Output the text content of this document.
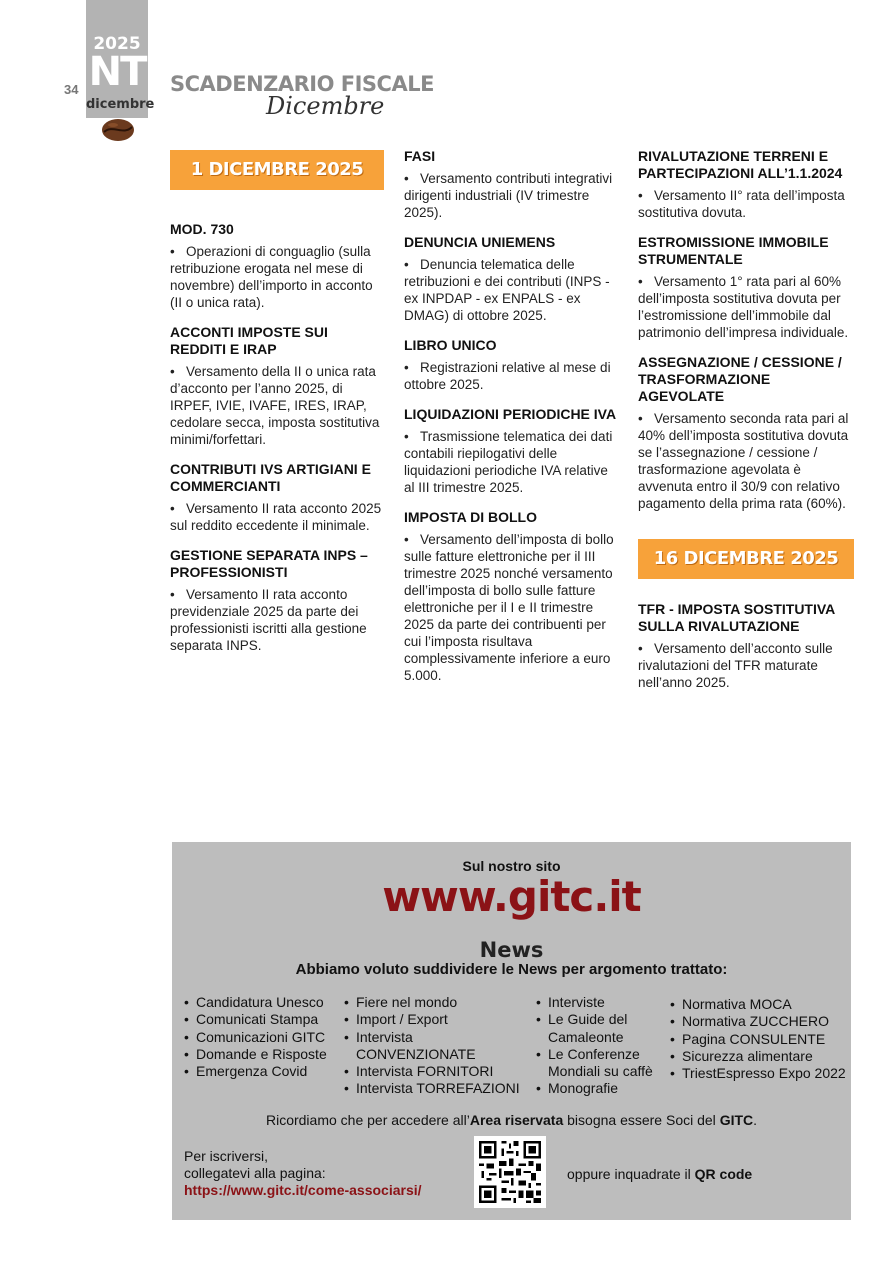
2025
NT
dicembre
34	SCADENZARIO FISCALE
Dicembre
1 DICEMBRE 2025

MOD. 730

•   Operazioni di conguaglio (sulla retribuzione erogata nel mese di novembre) dell’importo in acconto (II o unica rata).

ACCONTI IMPOSTE SUI REDDITI E IRAP

•   Versamento della II o unica rata d’acconto per l’anno 2025, di IRPEF, IVIE, IVAFE, IRES, IRAP, cedolare secca, imposta sostitutiva minimi/forfettari.

CONTRIBUTI IVS ARTIGIANI E COMMERCIANTI

•   Versamento II rata acconto 2025 sul reddito eccedente il minimale.

GESTIONE SEPARATA INPS – PROFESSIONISTI

•   Versamento II rata acconto previdenziale 2025 da parte dei professionisti iscritti alla gestione separata INPS.

FASI

•   Versamento contributi integrativi dirigenti industriali (IV trimestre 2025).

DENUNCIA UNIEMENS

•   Denuncia telematica delle retribuzioni e dei contributi (INPS - ex INPDAP - ex ENPALS - ex DMAG) di ottobre 2025.

LIBRO UNICO

•   Registrazioni relative al mese di ottobre 2025.

LIQUIDAZIONI PERIODICHE IVA

•   Trasmissione telematica dei dati contabili riepilogativi delle liquidazioni periodiche IVA relative al III trimestre 2025.

IMPOSTA DI BOLLO

•   Versamento dell’imposta di bollo sulle fatture elettroniche per il III trimestre 2025 nonché versamento dell’imposta di bollo sulle fatture elettroniche per il I e II trimestre 2025 da parte dei contribuenti per cui l’imposta risultava complessivamente inferiore a euro 5.000.

RIVALUTAZIONE TERRENI E PARTECIPAZIONI ALL’1.1.2024

•   Versamento II° rata dell’imposta sostitutiva dovuta.

ESTROMISSIONE IMMOBILE STRUMENTALE

•   Versamento 1° rata pari al 60% dell’imposta sostitutiva dovuta per l’estromissione dell’immobile dal patrimonio dell’impresa individuale.

ASSEGNAZIONE / CESSIONE / TRASFORMAZIONE AGEVOLATE

•   Versamento seconda rata pari al 40% dell’imposta sostitutiva dovuta se l’assegnazione / cessione / trasformazione agevolata è avvenuta entro il 30/9 con relativo pagamento della prima rata (60%).

16 DICEMBRE 2025

TFR - IMPOSTA SOSTITUTIVA SULLA RIVALUTAZIONE

•   Versamento dell’acconto sulle rivalutazioni del TFR maturate nell’anno 2025.

Sul nostro sito
www.gitc.it
News
Abbiamo voluto suddividere le News per argomento trattato:
• Candidatura Unesco
• Comunicati Stampa
• Comunicazioni GITC
• Domande e Risposte
• Emergenza Covid
• Fiere nel mondo
• Import / Export
• Intervista CONVENZIONATE
• Intervista FORNITORI
• Intervista TORREFAZIONI
• Interviste
• Le Guide del Camaleonte
• Le Conferenze Mondiali su caffè
• Monografie
• Normativa MOCA
• Normativa ZUCCHERO
• Pagina CONSULENTE
• Sicurezza alimentare
• TriestEspresso Expo 2022
Ricordiamo che per accedere all’Area riservata bisogna essere Soci del GITC.
Per iscriversi,
collegatevi alla pagina:
https://www.gitc.it/come-associarsi/
oppure inquadrate il QR code
